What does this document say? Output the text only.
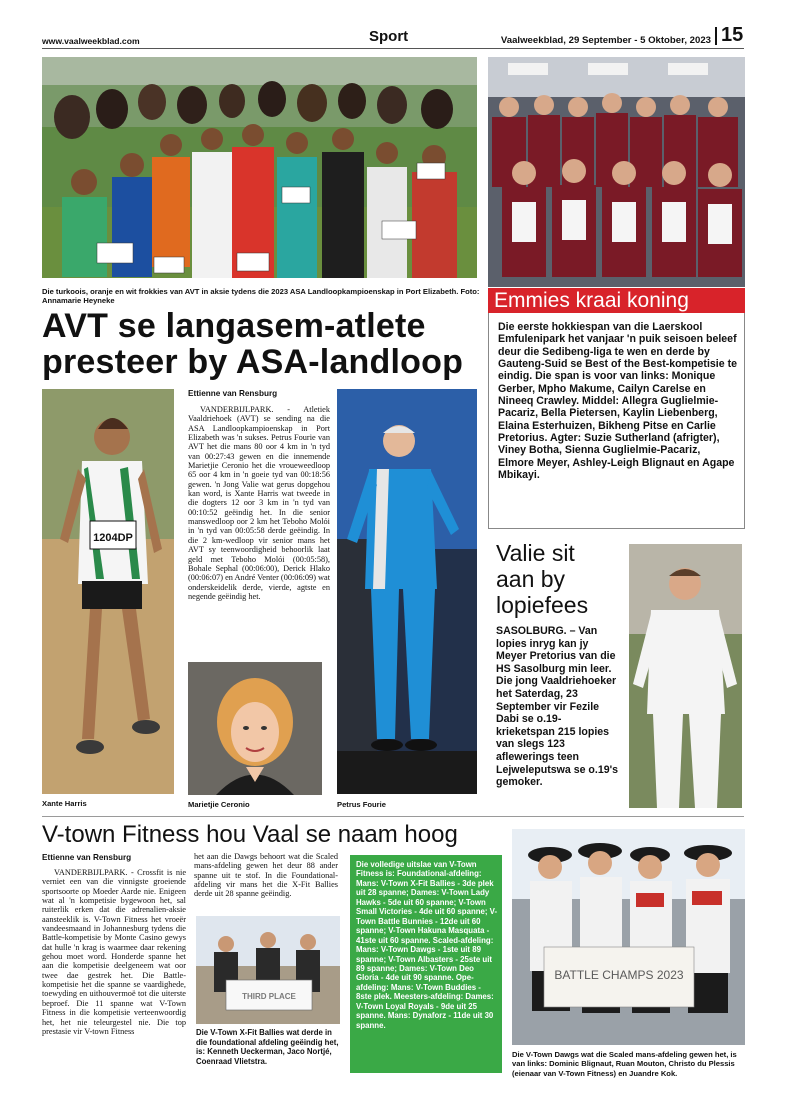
www.vaalweekblad.com	Sport	Vaalweekblad, 29 September - 5 Oktober, 2023 15
Die turkoois, oranje en wit frokkies van AVT in aksie tydens die 2023 ASA Landloopkampioenskap in Port Elizabeth. Foto: Annamarie Heyneke
AVT se langasem-atlete
presteer by ASA-landloop
1204DP
Xante Harris
Ettienne van Rensburg
VANDERBIJLPARK. - Atletiek Vaaldriehoek (AVT) se sending na die ASA Landloopkampioenskap in Port Elizabeth was 'n sukses. Petrus Fourie van AVT het die mans 80 oor 4 km in 'n tyd van 00:27:43 gewen en die innemende Marietjie Ceronio het die vroueweedloop 65 oor 4 km in 'n goeie tyd van 00:18:56 gewen. 'n Jong Valie wat gerus dopgehou kan word, is Xante Harris wat tweede in die dogters 12 oor 3 km in 'n tyd van 00:10:52 geëindig het. In die senior manswedloop oor 2 km het Teboho Molói in 'n tyd van 00:05:58 derde geëindig. In die 2 km-wedloop vir senior mans het AVT sy teenwoordigheid behoorlik laat geld met Teboho Molói (00:05:58), Bohale Sephal (00:06:00), Derick Hlako (00:06:07) en André Venter (00:06:09) wat onderskeidelik derde, vierde, agtste en negende geëindig het.
Marietjie Ceronio	Petrus Fourie
Emmies kraai koning
Die eerste hokkiespan van die Laerskool Emfulenipark het vanjaar 'n puik seisoen beleef deur die Sedibeng-liga te wen en derde by Gauteng-Suid se Best of the Best-kompetisie te eindig. Die span is voor van links: Monique Gerber, Mpho Makume, Cailyn Carelse en Nineeq Crawley. Middel: Allegra Guglielmie-Pacariz, Bella Pietersen, Kaylin Liebenberg, Elaina Esterhuizen, Bikheng Pitse en Carlie Pretorius. Agter: Suzie Sutherland (afrigter), Viney Botha, Sienna Guglielmie-Pacariz, Elmore Meyer, Ashley-Leigh Blignaut en Agape Mbikayi.
Valie sit
aan by
lopiefees
SASOLBURG. – Van lopies inryg kan jy Meyer Pretorius van die HS Sasolburg min leer. Die jong Vaaldriehoeker het Saterdag, 23 September vir Fezile Dabi se o.19-krieketspan 215 lopies van slegs 123 aflewerings teen Lejweleputswa se o.19's gemoker.
V-town Fitness hou Vaal se naam hoog
Ettienne van Rensburg
VANDERBIJLPARK. - Crossfit is nie verniet een van die vinnigste groeiende sportsoorte op Moeder Aarde nie. Enigeen wat al 'n kompetisie bygewoon het, sal ruiterlik erken dat die adrenalien-aksie aansteeklik is. V-Town Fitness het vroeër vandeesmaand in Johannesburg tydens die Battle-kompetisie by Monte Casino gewys dat hulle 'n krag is waarmee daar rekening gehou moet word. Honderde spanne het aan die kompetisie deelgeneem wat oor twee dae gestrek het. Die Battle-kompetisie het die spanne se vaardighede, toewyding en uithouvermoë tot die uiterste beproef. Die 11 spanne wat V-Town Fitness in die kompetisie verteenwoordig het, het nie teleurgestel nie. Die top prestasie vir V-town Fitness
het aan die Dawgs behoort wat die Scaled mans-afdeling gewen het deur 88 ander spanne uit te stof. In die Foundational-afdeling vir mans het die X-Fit Ballies derde uit 28 spanne geëindig.
THIRD PLACE
Die V-Town X-Fit Ballies wat derde in die foundational afdeling geëindig het, is: Kenneth Ueckerman, Jaco Nortjé, Coenraad Vlietstra.
Die volledige uitslae van V-Town Fitness is: Foundational-afdeling: Mans: V-Town X-Fit Ballies - 3de plek uit 28 spanne; Dames: V-Town Lady Hawks - 5de uit 60 spanne; V-Town Small Victories - 4de uit 60 spanne; V-Town Battle Bunnies - 12de uit 60 spanne; V-Town Hakuna Masquata - 41ste uit 60 spanne. Scaled-afdeling: Mans: V-Town Dawgs - 1ste uit 89 spanne; V-Town Albasters - 25ste uit 89 spanne; Dames: V-Town Deo Gloria - 4de uit 90 spanne. Ope-afdeling: Mans: V-Town Buddies - 8ste plek. Meesters-afdeling: Dames: V-Town Loyal Royals - 9de uit 25 spanne. Mans: Dynaforz - 11de uit 30 spanne.
BATTLE CHAMPS 2023
Die V-Town Dawgs wat die Scaled mans-afdeling gewen het, is van links: Dominic Blignaut, Ruan Mouton, Christo du Plessis (eienaar van V-Town Fitness) en Juandre Kok.
